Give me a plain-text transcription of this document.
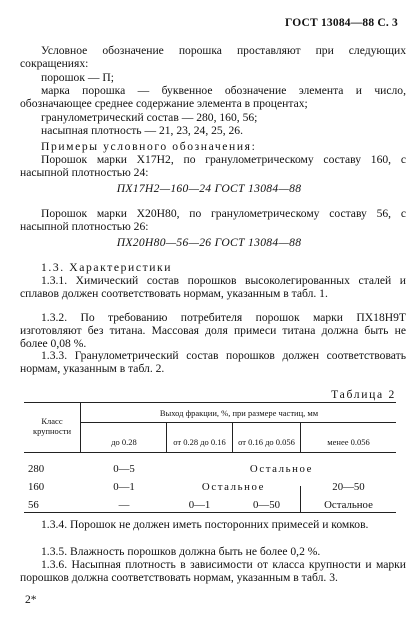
ГОСТ 13084—88 С. 3
Условное обозначение порошка проставляют при следующих сокращениях:
порошок — П;
марка порошка — буквенное обозначение элемента и число, обозначающее среднее содержание элемента в процентах;
гранулометрический состав — 280, 160, 56;
насыпная плотность — 21, 23, 24, 25, 26.
Примеры условного обозначения:
Порошок марки Х17Н2, по гранулометрическому составу 160, с насыпной плотностью 24:
ПХ17Н2—160—24 ГОСТ 13084—88
Порошок марки Х20Н80, по гранулометрическому составу 56, с насыпной плотностью 26:
ПХ20Н80—56—26 ГОСТ 13084—88
1.3. Характеристики
1.3.1. Химический состав порошков высоколегированных сталей и сплавов должен соответствовать нормам, указанным в табл. 1.
1.3.2. По требованию потребителя порошок марки ПХ18Н9Т изготовляют без титана. Массовая доля примеси титана должна быть не более 0,08 %.
1.3.3. Гранулометрический состав порошков должен соответствовать нормам, указанным в табл. 2.
Таблица 2
Класс крупности
Выход фракции, %, при размере частиц, мм
до 0.28	от 0.28 до 0.16	от 0.16 до 0.056	менее 0.056
280	0—5	Остальное
160	0—1	Остальное	20—50
56	—	0—1	0—50	Остальное
1.3.4. Порошок не должен иметь посторонних примесей и комков.
1.3.5. Влажность порошков должна быть не более 0,2 %.
1.3.6. Насыпная плотность в зависимости от класса крупности и марки порошков должна соответствовать нормам, указанным в табл. 3.
2*
